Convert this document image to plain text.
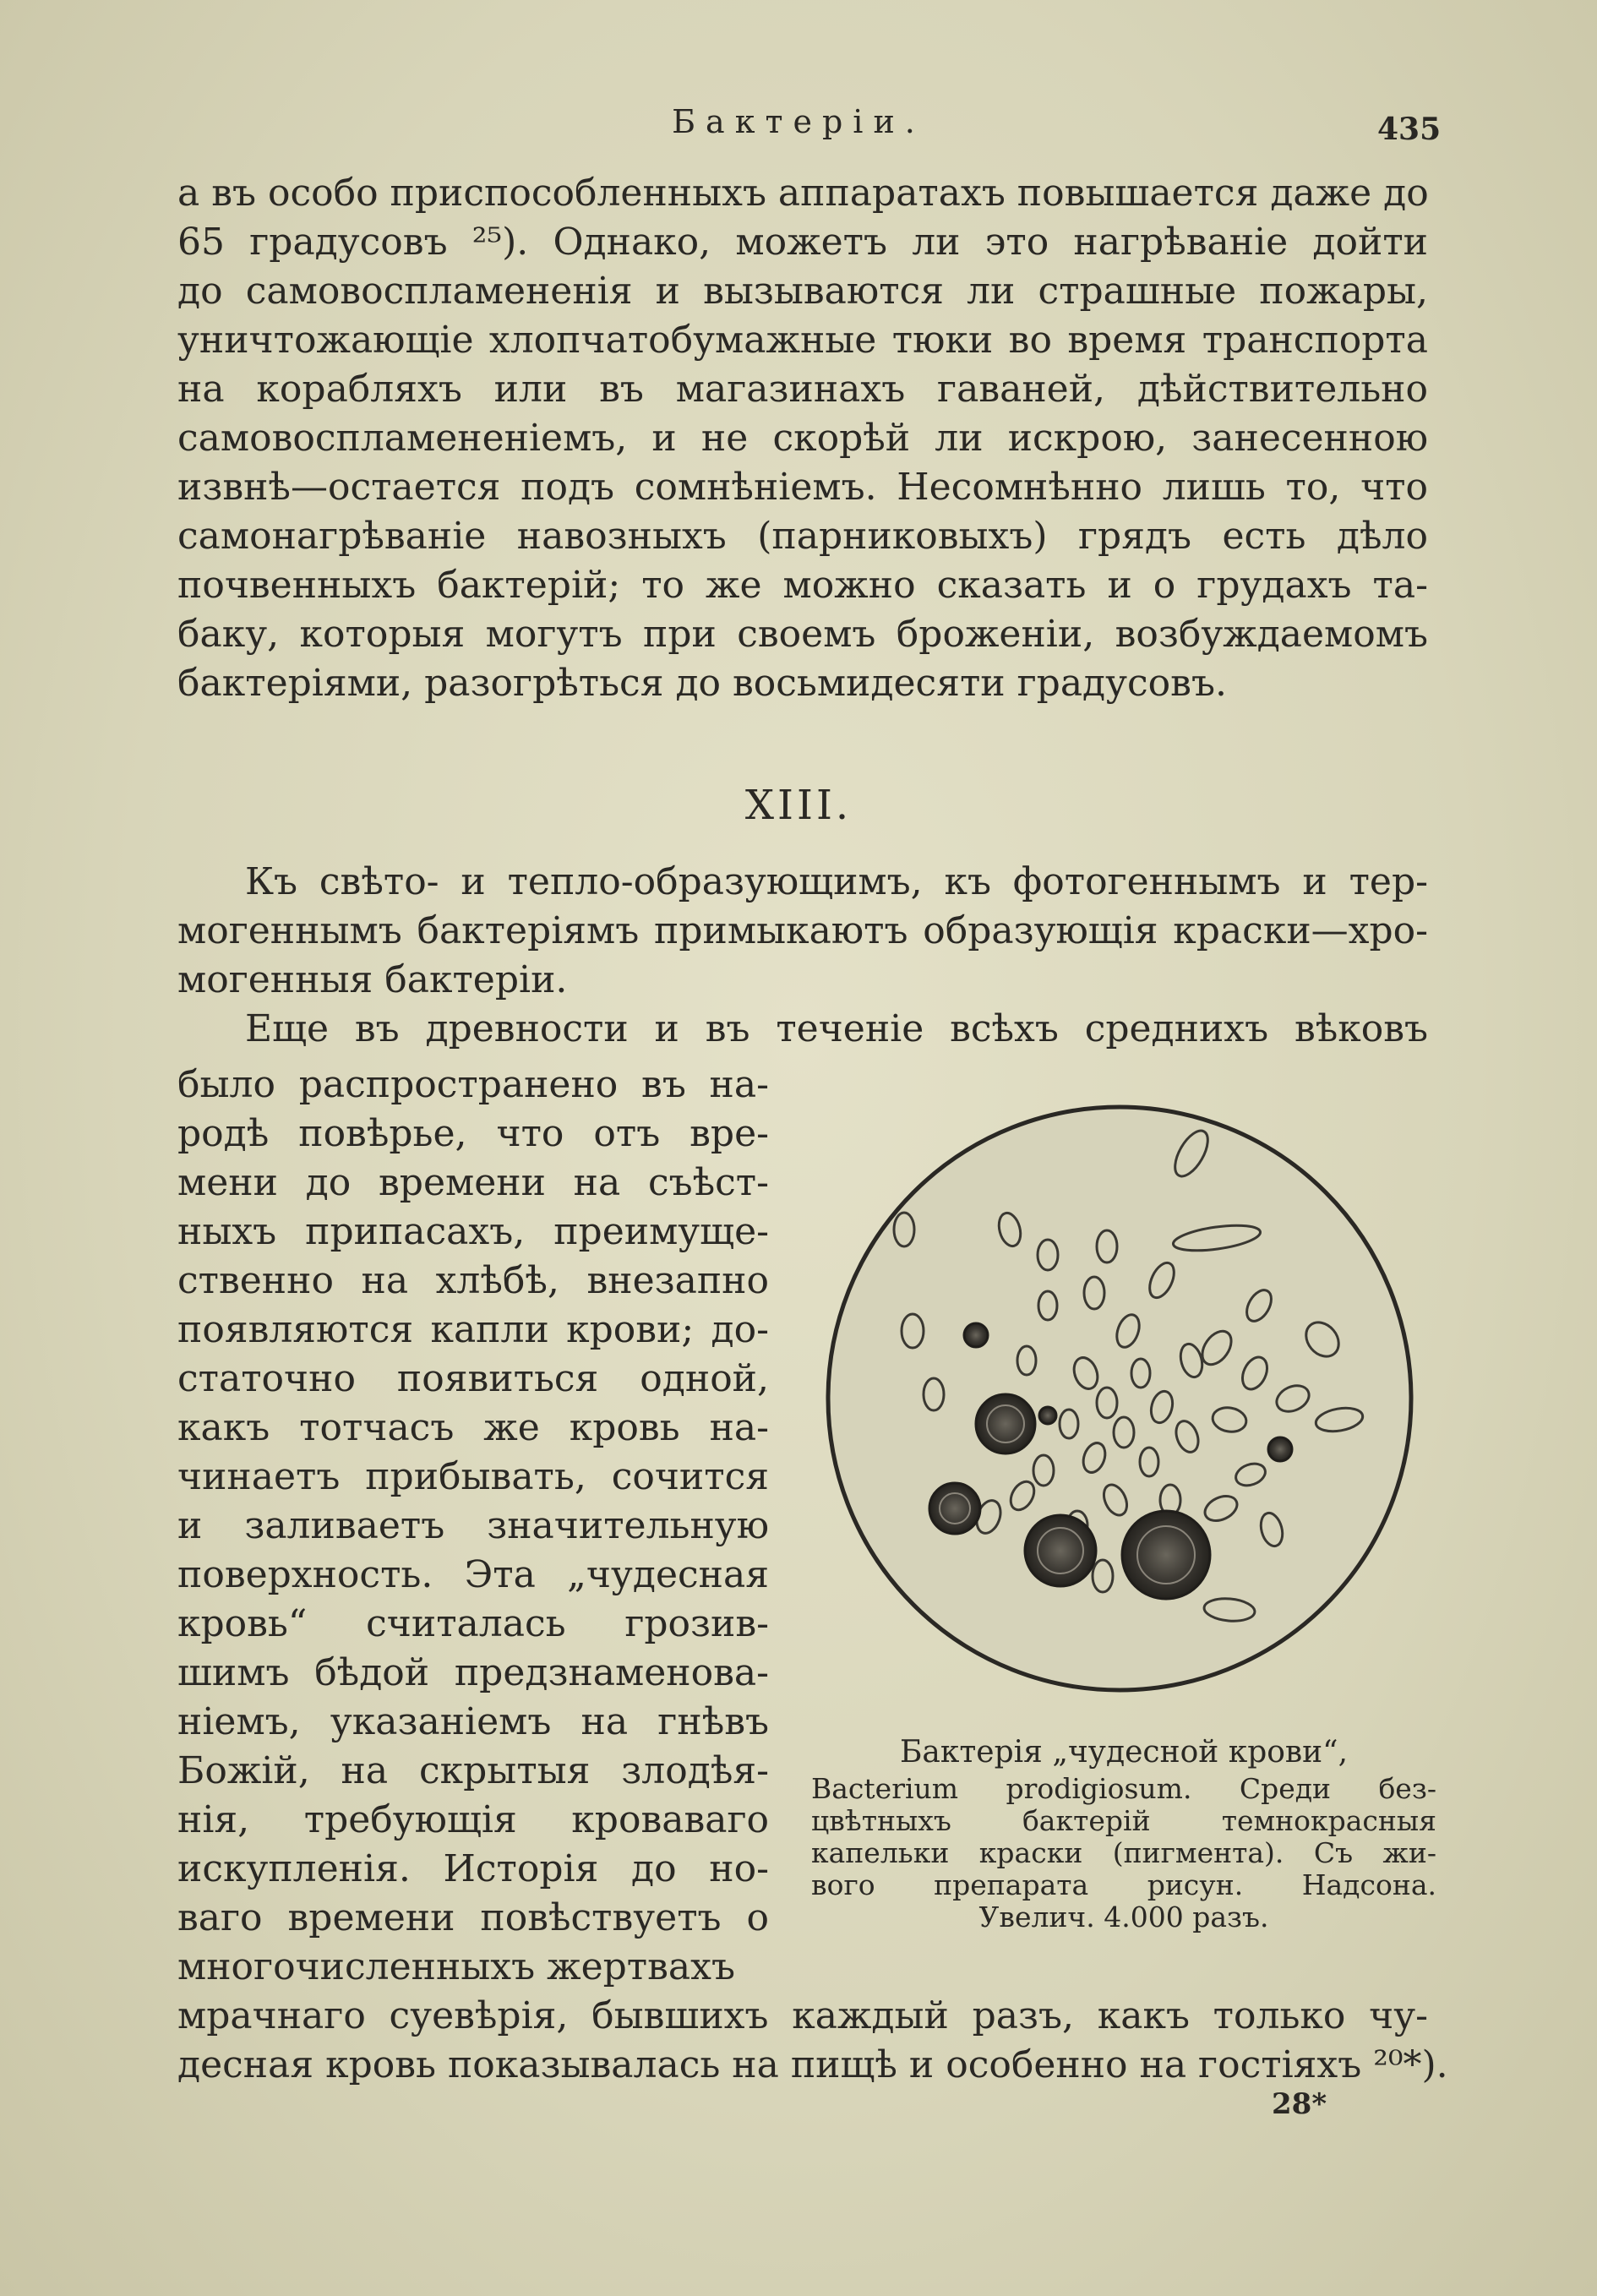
Бактеріи.	435
а въ особо приспособленныхъ аппаратахъ повышается даже до
65 градусовъ ²⁵). Однако, можетъ ли это нагрѣваніе дойти
до самовоспламененія и вызываются ли страшные пожары,
уничтожающіе хлопчатобумажные тюки во время транспорта
на корабляхъ или въ магазинахъ гаваней, дѣйствительно
самовоспламененіемъ, и не скорѣй ли искрою, занесенною
извнѣ—остается подъ сомнѣніемъ. Несомнѣнно лишь то, что
самонагрѣваніе навозныхъ (парниковыхъ) грядъ есть дѣло
почвенныхъ бактерій; то же можно сказать и о грудахъ та-
баку, которыя могутъ при своемъ броженіи, возбуждаемомъ
бактеріями, разогрѣться до восьмидесяти градусовъ.
XIII.
Къ свѣто- и тепло-образующимъ, къ фотогеннымъ и тер-
могеннымъ бактеріямъ примыкаютъ образующія краски—хро-
могенныя бактеріи.
Еще въ древности и въ теченіе всѣхъ среднихъ вѣковъ
было распространено въ на-
родѣ повѣрье, что отъ вре-
мени до времени на съѣст-
ныхъ припасахъ, преимуще-
ственно на хлѣбѣ, внезапно
появляются капли крови; до-
статочно появиться одной,
какъ тотчасъ же кровь на-
чинаетъ прибывать, сочится
и заливаетъ значительную
поверхность. Эта „чудесная
кровь“ считалась грозив-
шимъ бѣдой предзнаменова-
ніемъ, указаніемъ на гнѣвъ
Божій, на скрытыя злодѣя-
нія, требующія кроваваго
искупленія. Исторія до но-
ваго времени повѣствуетъ о
многочисленныхъ жертвахъ
мрачнаго суевѣрія, бывшихъ каждый разъ, какъ только чу-
десная кровь показывалась на пищѣ и особенно на гостіяхъ ²⁰*).
Бактерія „чудесной крови“,
Bacterium prodigiosum. Среди без-
цвѣтныхъ бактерій темнокрасныя
капельки краски (пигмента). Съ жи-
вого препарата рисун. Надсона.
Увелич. 4.000 разъ.
28*
